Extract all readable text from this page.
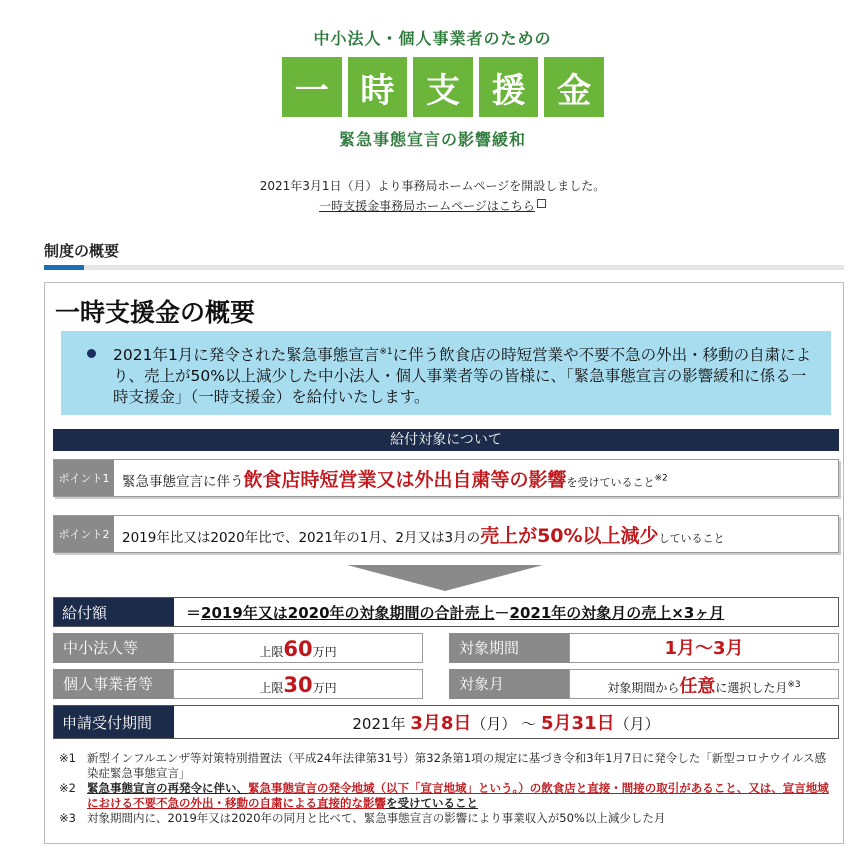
中小法人・個人事業者のための
一 時 支 援 金
緊急事態宣言の影響緩和
2021年3月1日（月）より事務局ホームページを開設しました。
一時支援金事務局ホームページはこちら
制度の概要
一時支援金の概要
2021年1月に発令された緊急事態宣言$^{※1}$に伴う飲食店の時短営業や不要不急の外出・移動の自粛により、売上が50%以上減少した中小法人・個人事業者等の皆様に、「緊急事態宣言の影響緩和に係る一時支援金」（一時支援金）を給付いたします。
給付対象について
ポイント1 緊急事態宣言に伴う飲食店時短営業又は外出自粛等の影響を受けていること$^{※2}$
ポイント2 2019年比又は2020年比で、2021年の1月、2月又は3月の売上が50%以上減少していること
給付額	＝2019年又は2020年の対象期間の合計売上－2021年の対象月の売上×3ヶ月
中小法人等	上限60万円	対象期間	1月～3月
個人事業者等	上限30万円	対象月	対象期間から任意に選択した月$^{※3}$
申請受付期間	2021年 3月8日（月） ～ 5月31日（月）
※1 新型インフルエンザ等対策特別措置法（平成24年法律第31号）第32条第1項の規定に基づき令和3年1月7日に発令した「新型コロナウイルス感染症緊急事態宣言」
※2 緊急事態宣言の再発令に伴い、緊急事態宣言の発令地域（以下「宣言地域」という。）の飲食店と直接・間接の取引があること、又は、宣言地域における不要不急の外出・移動の自粛による直接的な影響を受けていること
※3 対象期間内に、2019年又は2020年の同月と比べて、緊急事態宣言の影響により事業収入が50%以上減少した月
